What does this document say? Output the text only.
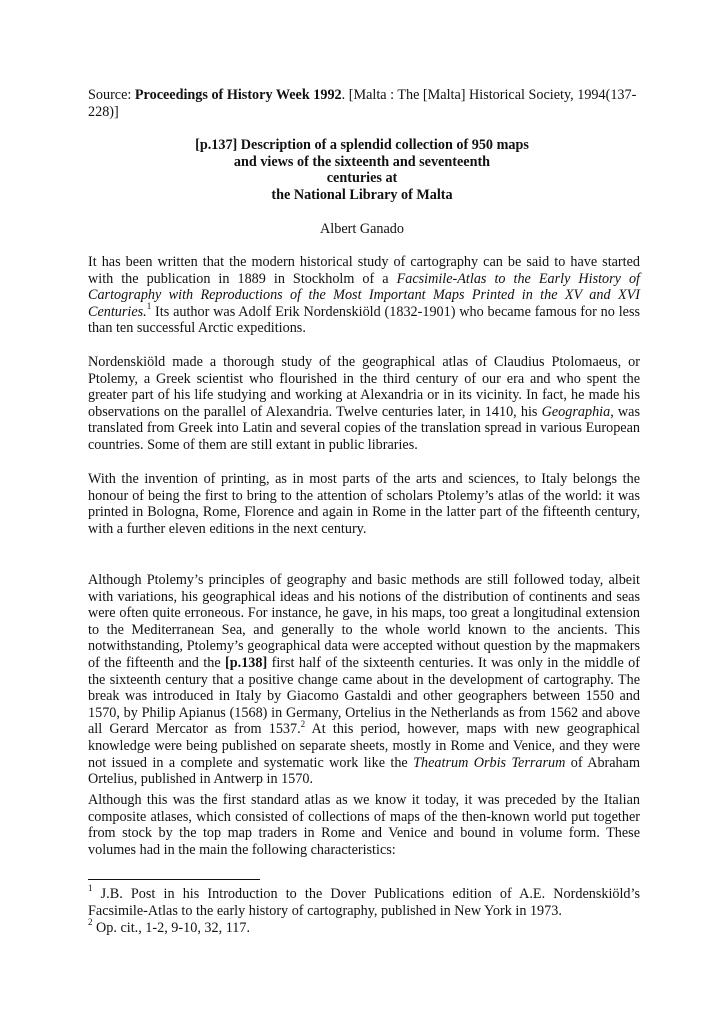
Source: Proceedings of History Week 1992. [Malta : The [Malta] Historical Society, 1994(137-228)]
[p.137] Description of a splendid collection of 950 maps
and views of the sixteenth and seventeenth
centuries at
the National Library of Malta
Albert Ganado

It has been written that the modern historical study of cartography can be said to have started with the publication in 1889 in Stockholm of a Facsimile-Atlas to the Early History of Cartography with Reproductions of the Most Important Maps Printed in the XV and XVI Centuries.$^1$ Its author was Adolf Erik Nordenskiöld (1832-1901) who became famous for no less than ten successful Arctic expeditions.

Nordenskiöld made a thorough study of the geographical atlas of Claudius Ptolomaeus, or Ptolemy, a Greek scientist who flourished in the third century of our era and who spent the greater part of his life studying and working at Alexandria or in its vicinity. In fact, he made his observations on the parallel of Alexandria. Twelve centuries later, in 1410, his Geographia, was translated from Greek into Latin and several copies of the translation spread in various European countries. Some of them are still extant in public libraries.

With the invention of printing, as in most parts of the arts and sciences, to Italy belongs the honour of being the first to bring to the attention of scholars Ptolemy’s atlas of the world: it was printed in Bologna, Rome, Florence and again in Rome in the latter part of the fifteenth century, with a further eleven editions in the next century.

Although Ptolemy’s principles of geography and basic methods are still followed today, albeit with variations, his geographical ideas and his notions of the distribution of continents and seas were often quite erroneous. For instance, he gave, in his maps, too great a longitudinal extension to the Mediterranean Sea, and generally to the whole world known to the ancients. This notwithstanding, Ptolemy’s geographical data were accepted without question by the mapmakers of the fifteenth and the [p.138] first half of the sixteenth centuries. It was only in the middle of the sixteenth century that a positive change came about in the development of cartography. The break was introduced in Italy by Giacomo Gastaldi and other geographers between 1550 and 1570, by Philip Apianus (1568) in Germany, Ortelius in the Netherlands as from 1562 and above all Gerard Mercator as from 1537.$^2$ At this period, however, maps with new geographical knowledge were being published on separate sheets, mostly in Rome and Venice, and they were not issued in a complete and systematic work like the Theatrum Orbis Terrarum of Abraham Ortelius, published in Antwerp in 1570.

Although this was the first standard atlas as we know it today, it was preceded by the Italian composite atlases, which consisted of collections of maps of the then-known world put together from stock by the top map traders in Rome and Venice and bound in volume form. These volumes had in the main the following characteristics:

$^1$ J.B. Post in his Introduction to the Dover Publications edition of A.E. Nordenskiöld’s Facsimile-Atlas to the early history of cartography, published in New York in 1973.

$^2$ Op. cit., 1-2, 9-10, 32, 117.
